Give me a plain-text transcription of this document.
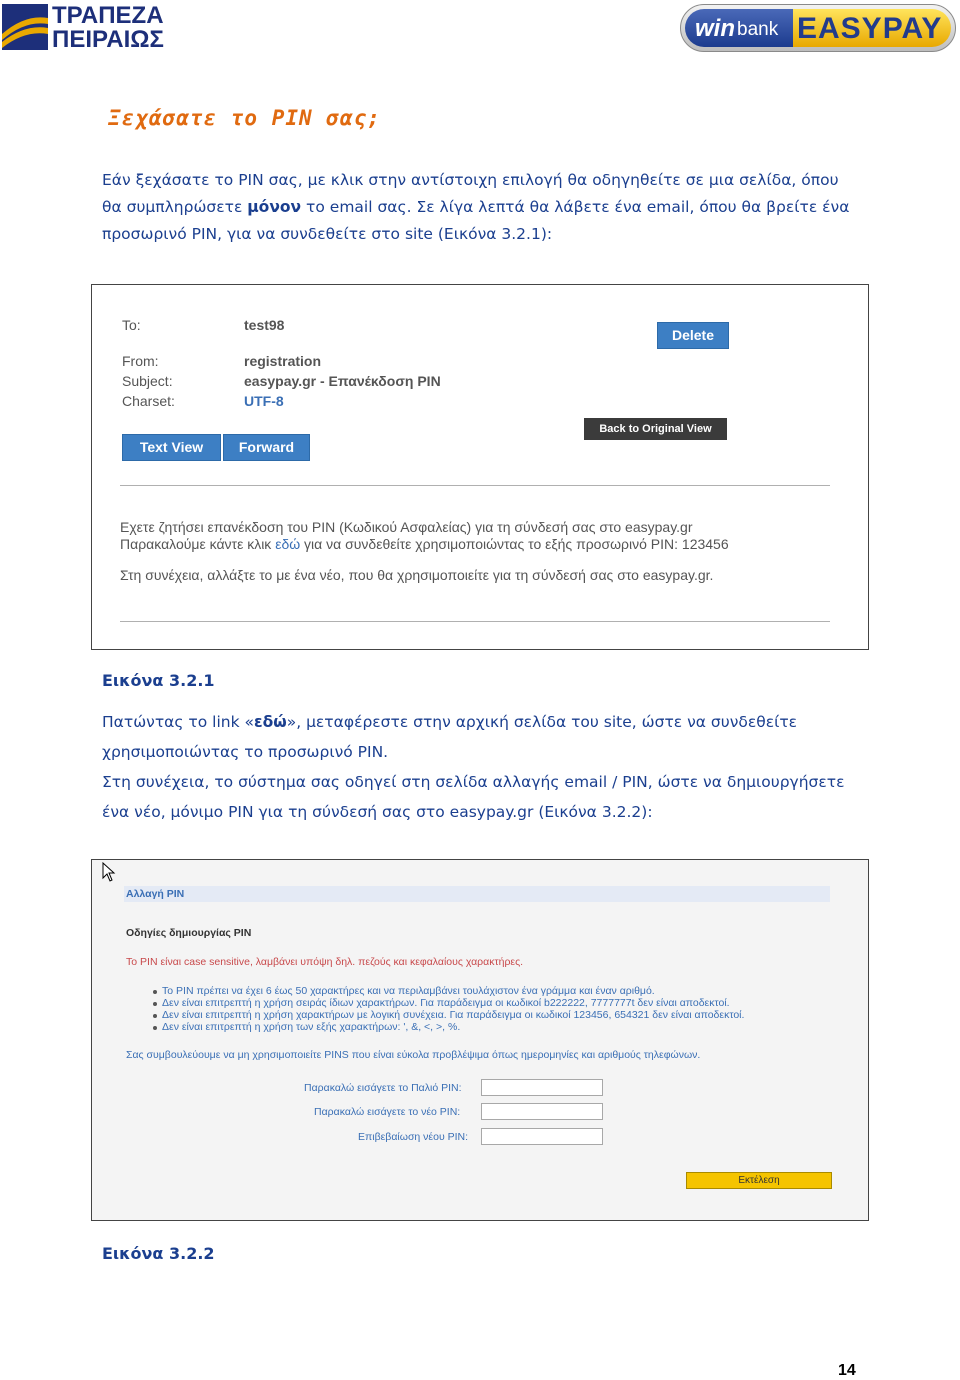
ΤΡΑΠΕΖΑ
ΠΕΙΡΑΙΩΣ	win bank EASYPAY
Ξεχάσατε το PIN σας;
Εάν ξεχάσατε το PIN σας, με κλικ στην αντίστοιχη επιλογή θα οδηγηθείτε σε μια σελίδα, όπου θα συμπληρώσετε μόνον το email σας. Σε λίγα λεπτά θα λάβετε ένα email, όπου θα βρείτε ένα προσωρινό PIN, για να συνδεθείτε στο site (Εικόνα 3.2.1):
To:	test98
From:	registration
Subject:	easypay.gr - Επανέκδοση PIN
Charset:	UTF-8
Delete
Back to Original View
Text View	Forward
Εχετε ζητήσει επανέκδοση του PIN (Κωδικού Ασφαλείας) για τη σύνδεσή σας στο easypay.gr
Παρακαλούμε κάντε κλικ εδώ για να συνδεθείτε χρησιμοποιώντας το εξής προσωρινό PIN: 123456
Στη συνέχεια, αλλάξτε το με ένα νέο, που θα χρησιμοποιείτε για τη σύνδεσή σας στο easypay.gr.
Εικόνα 3.2.1
Πατώντας το link «εδώ», μεταφέρεστε στην αρχική σελίδα του site, ώστε να συνδεθείτε χρησιμοποιώντας το προσωρινό PIN.
Στη συνέχεια, το σύστημα σας οδηγεί στη σελίδα αλλαγής email / PIN, ώστε να δημιουργήσετε ένα νέο, μόνιμο PIN για τη σύνδεσή σας στο easypay.gr (Εικόνα 3.2.2):
Αλλαγή PIN
Οδηγίες δημιουργίας PIN
Το PIN είναι case sensitive, λαμβάνει υπόψη δηλ. πεζούς και κεφαλαίους χαρακτήρες.
Το PIN πρέπει να έχει 6 έως 50 χαρακτήρες και να περιλαμβάνει τουλάχιστον ένα γράμμα και έναν αριθμό.
Δεν είναι επιτρεπτή η χρήση σειράς ίδιων χαρακτήρων. Για παράδειγμα οι κωδικοί b222222, 7777777t δεν είναι αποδεκτοί.
Δεν είναι επιτρεπτή η χρήση χαρακτήρων με λογική συνέχεια. Για παράδειγμα οι κωδικοί 123456, 654321 δεν είναι αποδεκτοί.
Δεν είναι επιτρεπτή η χρήση των εξής χαρακτήρων: ', &, <, >, %.
Σας συμβουλεύουμε να μη χρησιμοποιείτε PINS που είναι εύκολα προβλέψιμα όπως ημερομηνίες και αριθμούς τηλεφώνων.
Παρακαλώ εισάγετε το Παλιό PIN:
Παρακαλώ εισάγετε το νέο PIN:
Επιβεβαίωση νέου PIN:
Εκτέλεση
Εικόνα 3.2.2
14
